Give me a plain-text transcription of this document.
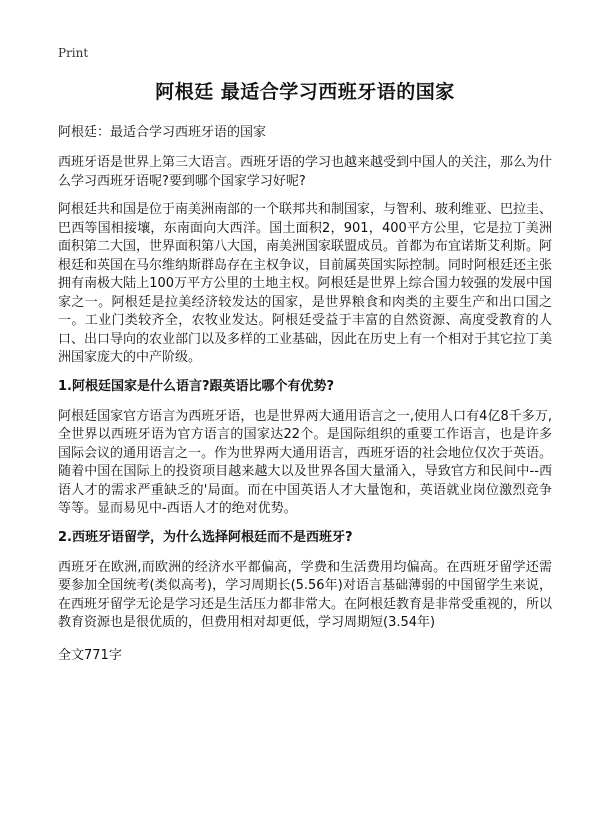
Print
阿根廷 最适合学习西班牙语的国家
阿根廷：最适合学习西班牙语的国家

西班牙语是世界上第三大语言。西班牙语的学习也越来越受到中国人的关注，那么为什么学习西班牙语呢?要到哪个国家学习好呢?

阿根廷共和国是位于南美洲南部的一个联邦共和制国家，与智利、玻利维亚、巴拉圭、巴西等国相接壤，东南面向大西洋。国土面积2，901，400平方公里，它是拉丁美洲面积第二大国，世界面积第八大国，南美洲国家联盟成员。首都为布宜诺斯艾利斯。阿根廷和英国在马尔维纳斯群岛存在主权争议，目前属英国实际控制。同时阿根廷还主张拥有南极大陆上100万平方公里的土地主权。阿根廷是世界上综合国力较强的发展中国家之一。阿根廷是拉美经济较发达的国家，是世界粮食和肉类的主要生产和出口国之一。工业门类较齐全，农牧业发达。阿根廷受益于丰富的自然资源、高度受教育的人口、出口导向的农业部门以及多样的工业基础，因此在历史上有一个相对于其它拉丁美洲国家庞大的中产阶级。

1.阿根廷国家是什么语言?跟英语比哪个有优势?

阿根廷国家官方语言为西班牙语，也是世界两大通用语言之一,使用人口有4亿8千多万,全世界以西班牙语为官方语言的国家达22个。是国际组织的重要工作语言，也是许多国际会议的通用语言之一。作为世界两大通用语言，西班牙语的社会地位仅次于英语。随着中国在国际上的投资项目越来越大以及世界各国大量涌入，导致官方和民间中--西语人才的需求严重缺乏的'局面。而在中国英语人才大量饱和，英语就业岗位激烈竞争等等。显而易见中-西语人才的绝对优势。

2.西班牙语留学，为什么选择阿根廷而不是西班牙?

西班牙在欧洲,而欧洲的经济水平都偏高，学费和生活费用均偏高。在西班牙留学还需要参加全国统考(类似高考)，学习周期长(5.56年)对语言基础薄弱的中国留学生来说，在西班牙留学无论是学习还是生活压力都非常大。在阿根廷教育是非常受重视的，所以教育资源也是很优质的，但费用相对却更低，学习周期短(3.54年)

全文771字
